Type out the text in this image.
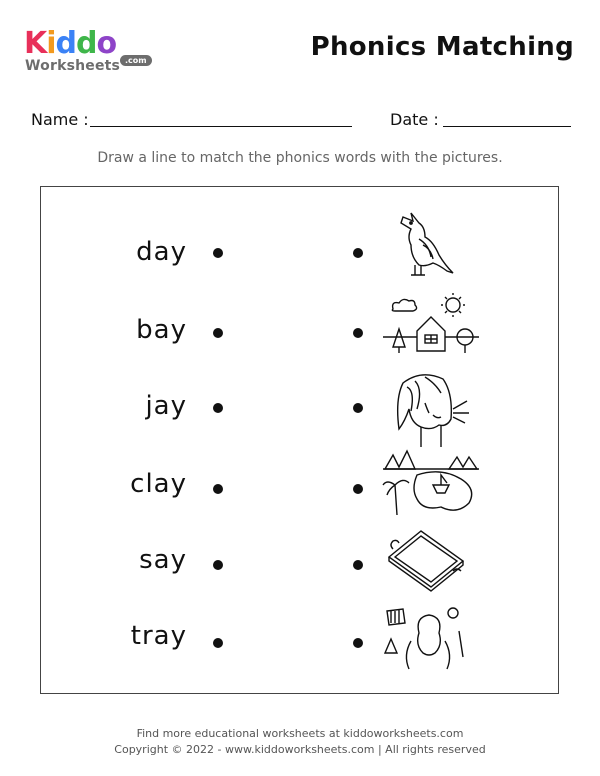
Kiddo
Worksheets .com	Phonics Matching
Name :	Date :
Draw a line to match the phonics words with the pictures.
day
bay
jay
clay
say
tray
Find more educational worksheets at kiddoworksheets.com
Copyright © 2022 - www.kiddoworksheets.com | All rights reserved
